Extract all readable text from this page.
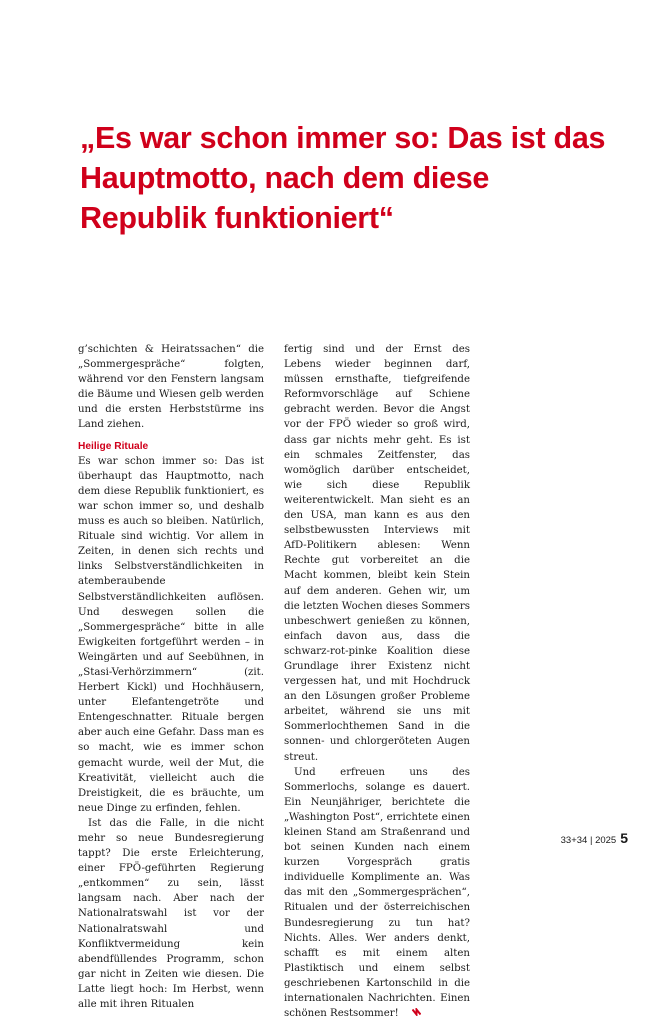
„Es war schon immer so: Das ist das Hauptmotto, nach dem diese Republik funktioniert“

g’schichten & Heiratssachen“ die „Sommergespräche“ folgten, während vor den Fenstern langsam die Bäume und Wiesen gelb werden und die ersten Herbststürme ins Land ziehen.

Heilige Rituale

Es war schon immer so: Das ist überhaupt das Hauptmotto, nach dem diese Republik funktioniert, es war schon immer so, und deshalb muss es auch so bleiben. Natürlich, Rituale sind wichtig. Vor allem in Zeiten, in denen sich rechts und links Selbstverständlichkeiten in atemberaubende Selbstverständlichkeiten auflösen. Und deswegen sollen die „Sommergespräche“ bitte in alle Ewigkeiten fortgeführt werden – in Weingärten und auf Seebühnen, in „Stasi-Verhörzimmern“ (zit. Herbert Kickl) und Hochhäusern, unter Elefantengetröte und Entengeschnatter. Rituale bergen aber auch eine Gefahr. Dass man es so macht, wie es immer schon gemacht wurde, weil der Mut, die Kreativität, vielleicht auch die Dreistigkeit, die es bräuchte, um neue Dinge zu erfinden, fehlen.

Ist das die Falle, in die nicht mehr so neue Bundesregierung tappt? Die erste Erleichterung, einer FPÖ-geführten Regierung „entkommen“ zu sein, lässt langsam nach. Aber nach der Nationalratswahl ist vor der Nationalratswahl und Konfliktvermeidung kein abendfüllendes Programm, schon gar nicht in Zeiten wie diesen. Die Latte liegt hoch: Im Herbst, wenn alle mit ihren Ritualen

fertig sind und der Ernst des Lebens wieder beginnen darf, müssen ernsthafte, tiefgreifende Reformvorschläge auf Schiene gebracht werden. Bevor die Angst vor der FPÖ wieder so groß wird, dass gar nichts mehr geht. Es ist ein schmales Zeitfenster, das womöglich darüber entscheidet, wie sich diese Republik weiterentwickelt. Man sieht es an den USA, man kann es aus den selbstbewussten Interviews mit AfD-Politikern ablesen: Wenn Rechte gut vorbereitet an die Macht kommen, bleibt kein Stein auf dem anderen. Gehen wir, um die letzten Wochen dieses Sommers unbeschwert genießen zu können, einfach davon aus, dass die schwarz-rot-pinke Koalition diese Grundlage ihrer Existenz nicht vergessen hat, und mit Hochdruck an den Lösungen großer Probleme arbeitet, während sie uns mit Sommerlochthemen Sand in die sonnen- und chlorgeröteten Augen streut.

Und erfreuen uns des Sommerlochs, solange es dauert. Ein Neunjähriger, berichtete die „Washington Post“, errichtete einen kleinen Stand am Straßenrand und bot seinen Kunden nach einem kurzen Vorgespräch gratis individuelle Komplimente an. Was das mit den „Sommergesprächen“, Ritualen und der österreichischen Bundesregierung zu tun hat? Nichts. Alles. Wer anders denkt, schafft es mit einem alten Plastiktisch und einem selbst geschriebenen Kartonschild in die internationalen Nachrichten. Einen schönen Restsommer!

33+34 | 2025 5
